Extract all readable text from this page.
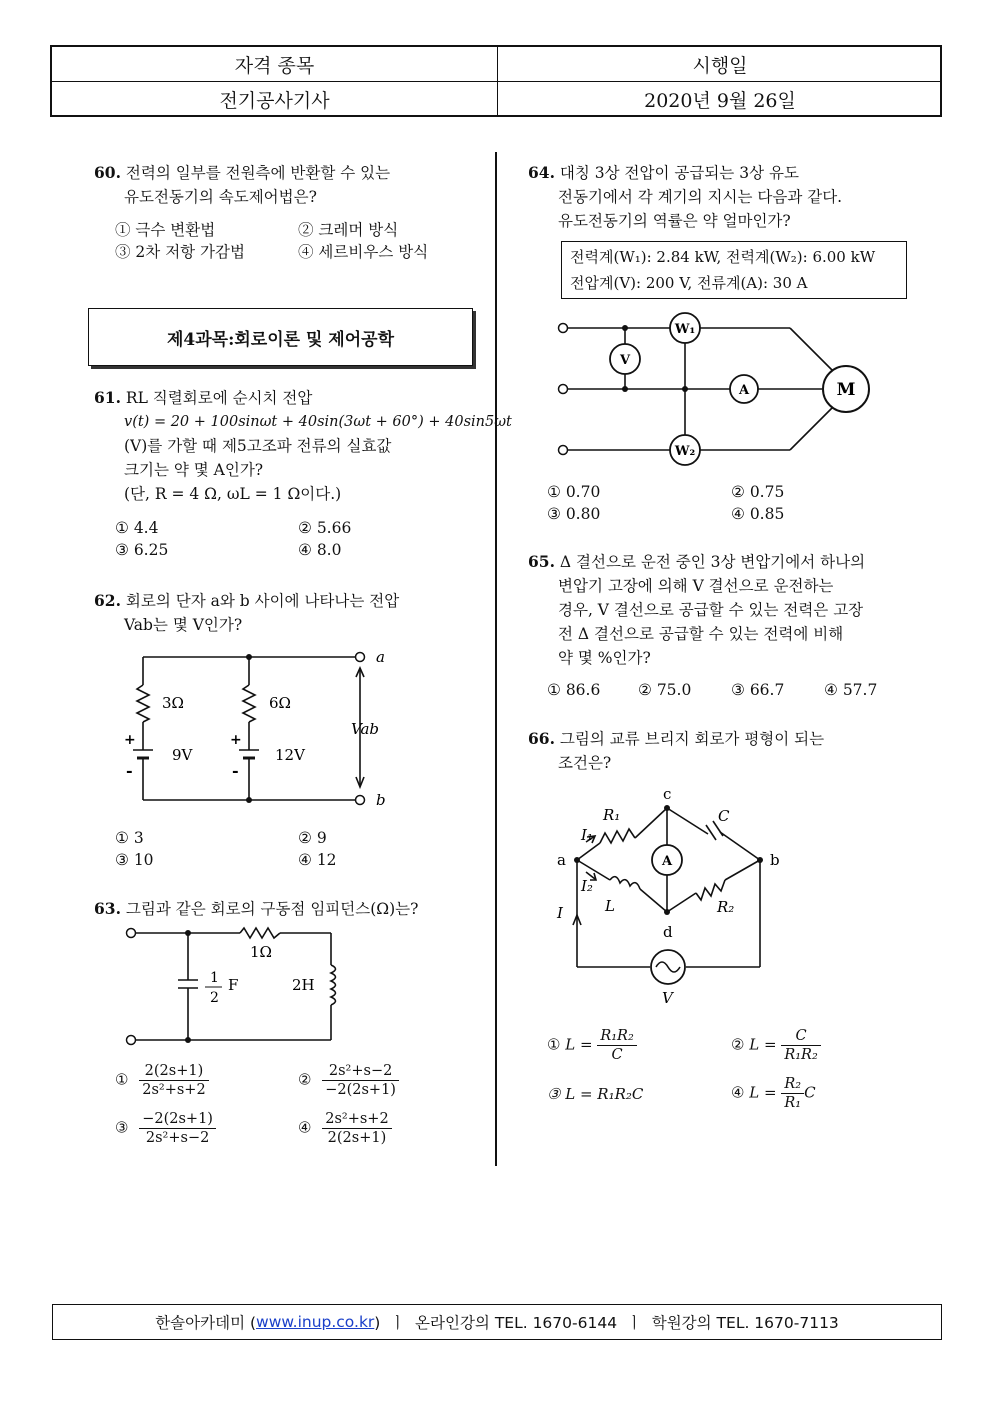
자격 종목	시행일
전기공사기사	2020년 9월 26일
60. 전력의 일부를 전원측에 반환할 수 있는
유도전동기의 속도제어법은?
① 극수 변환법	② 크레머 방식
③ 2차 저항 가감법	④ 세르비우스 방식
제4과목:회로이론 및 제어공학
61. RL 직렬회로에 순시치 전압
v(t) = 20 + 100sinωt + 40sin(3ωt + 60°) + 40sin5ωt
(V)를 가할 때 제5고조파 전류의 실효값
크기는 약 몇 A인가?
(단, R = 4 Ω, ωL = 1 Ω이다.)
① 4.4	② 5.66
③ 6.25	④ 8.0
62. 회로의 단자 a와 b 사이에 나타나는 전압
Vab는 몇 V인가?
3Ω	6Ω
9V	12V
+
-
+
-
a
b
Vab
① 3	② 9
③ 10	④ 12
63. 그림과 같은 회로의 구동점 임피던스(Ω)는?
1Ω
1
2
F	2H
① $\frac{2(2s+1)}{\text{2s²+s+2}}$	② $\frac{\text{2s²+s−2}}{-2(2s+1)}$
③ $\frac{-2(2s+1)}{\text{2s²+s−2}}$	④ $\frac{\text{2s²+s+2}}{2(2s+1)}$
64. 대칭 3상 전압이 공급되는 3상 유도
전동기에서 각 계기의 지시는 다음과 같다.
유도전동기의 역률은 약 얼마인가?
전력계(W₁): 2.84 kW, 전력계(W₂): 6.00 kW
전압계(V): 200 V, 전류계(A): 30 A
W₁
V
A
W₂
M
① 0.70	② 0.75
③ 0.80	④ 0.85
65. Δ 결선으로 운전 중인 3상 변압기에서 하나의
변압기 고장에 의해 V 결선으로 운전하는
경우, V 결선으로 공급할 수 있는 전력은 고장
전 Δ 결선으로 공급할 수 있는 전력에 비해
약 몇 %인가?
① 86.6 ② 75.0	③ 66.7	④ 57.7
66. 그림의 교류 브리지 회로가 평형이 되는
조건은?
A
a	b
c
d
R₁	C
L	R₂
I₁
I₂
I
V
① $L = \frac{\text{R₁R₂}}{C}$	② $L = \frac{C}{\text{R₁R₂}}$
③ L = R₁R₂C	④ $L = \frac{\text{R₂}}{\text{R₁}}$ C
한솔아카데미 ( www.inup.co.kr )  ㅣ  온라인강의 TEL. 1670-6144  ㅣ  학원강의 TEL. 1670-7113
